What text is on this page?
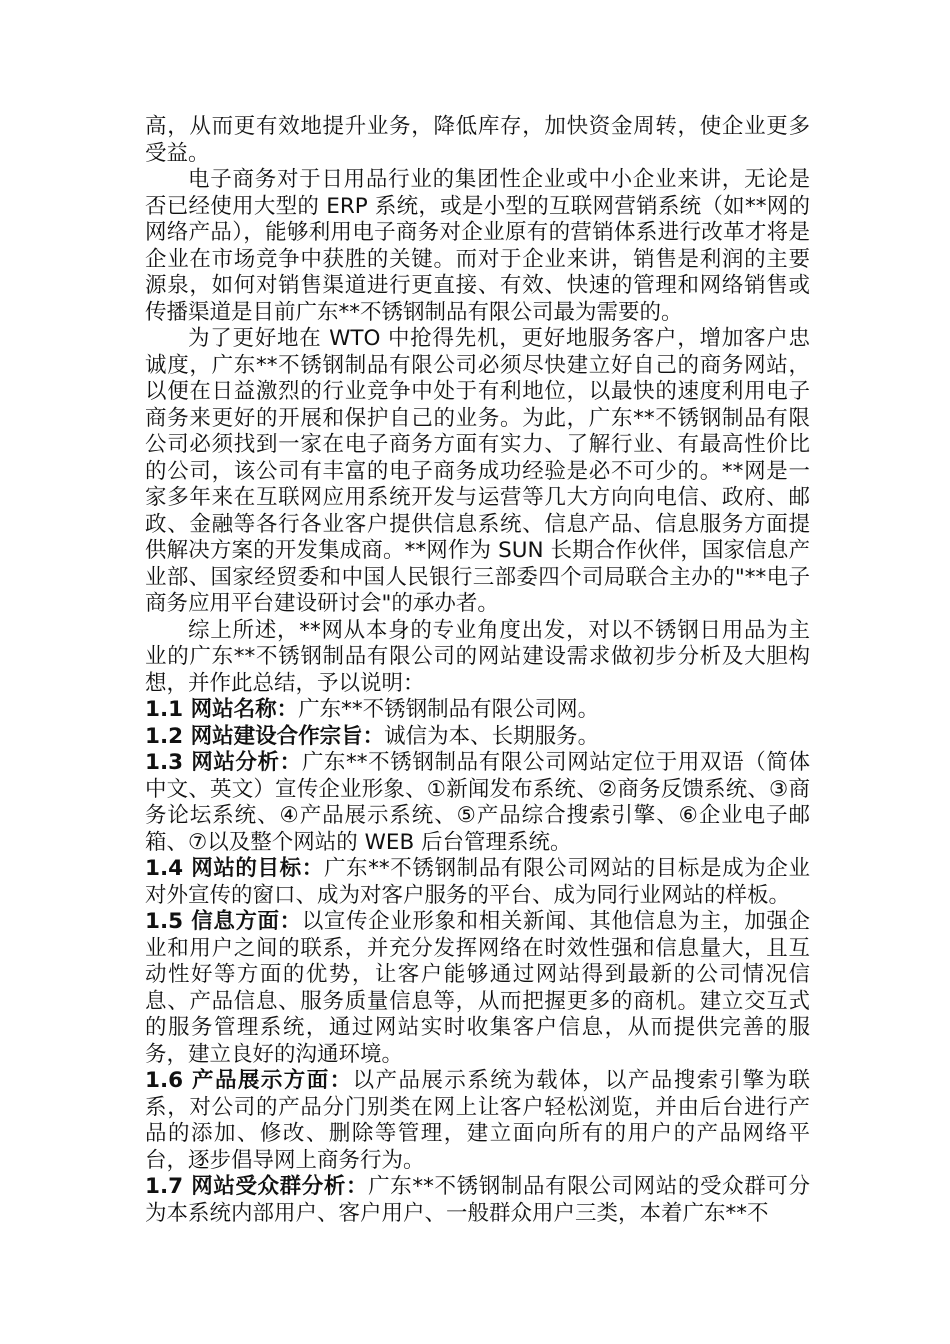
高，从而更有效地提升业务，降低库存，加快资金周转，使企业更多受益。

电子商务对于日用品行业的集团性企业或中小企业来讲，无论是否已经使用大型的 ERP 系统，或是小型的互联网营销系统（如**网的网络产品），能够利用电子商务对企业原有的营销体系进行改革才将是企业在市场竞争中获胜的关键。而对于企业来讲，销售是利润的主要源泉，如何对销售渠道进行更直接、有效、快速的管理和网络销售或传播渠道是目前广东**不锈钢制品有限公司最为需要的。

为了更好地在 WTO 中抢得先机，更好地服务客户，增加客户忠诚度，广东**不锈钢制品有限公司必须尽快建立好自己的商务网站，以便在日益激烈的行业竞争中处于有利地位，以最快的速度利用电子商务来更好的开展和保护自己的业务。为此，广东**不锈钢制品有限公司必须找到一家在电子商务方面有实力、了解行业、有最高性价比的公司，该公司有丰富的电子商务成功经验是必不可少的。**网是一家多年来在互联网应用系统开发与运营等几大方向向电信、政府、邮政、金融等各行各业客户提供信息系统、信息产品、信息服务方面提供解决方案的开发集成商。**网作为 SUN 长期合作伙伴，国家信息产业部、国家经贸委和中国人民银行三部委四个司局联合主办的"**电子商务应用平台建设研讨会"的承办者。

综上所述，**网从本身的专业角度出发，对以不锈钢日用品为主业的广东**不锈钢制品有限公司的网站建设需求做初步分析及大胆构想，并作此总结，予以说明：

1.1 网站名称：广东**不锈钢制品有限公司网。

1.2 网站建设合作宗旨：诚信为本、长期服务。

1.3 网站分析：广东**不锈钢制品有限公司网站定位于用双语（简体中文、英文）宣传企业形象、①新闻发布系统、②商务反馈系统、③商务论坛系统、④产品展示系统、⑤产品综合搜索引擎、⑥企业电子邮箱、⑦以及整个网站的 WEB 后台管理系统。

1.4 网站的目标：广东**不锈钢制品有限公司网站的目标是成为企业对外宣传的窗口、成为对客户服务的平台、成为同行业网站的样板。

1.5 信息方面：以宣传企业形象和相关新闻、其他信息为主，加强企业和用户之间的联系，并充分发挥网络在时效性强和信息量大，且互动性好等方面的优势，让客户能够通过网站得到最新的公司情况信息、产品信息、服务质量信息等，从而把握更多的商机。建立交互式的服务管理系统，通过网站实时收集客户信息，从而提供完善的服务，建立良好的沟通环境。

1.6 产品展示方面：以产品展示系统为载体，以产品搜索引擎为联系，对公司的产品分门别类在网上让客户轻松浏览，并由后台进行产品的添加、修改、删除等管理，建立面向所有的用户的产品网络平台，逐步倡导网上商务行为。

1.7 网站受众群分析：广东**不锈钢制品有限公司网站的受众群可分为本系统内部用户、客户用户、一般群众用户三类，本着广东**不
